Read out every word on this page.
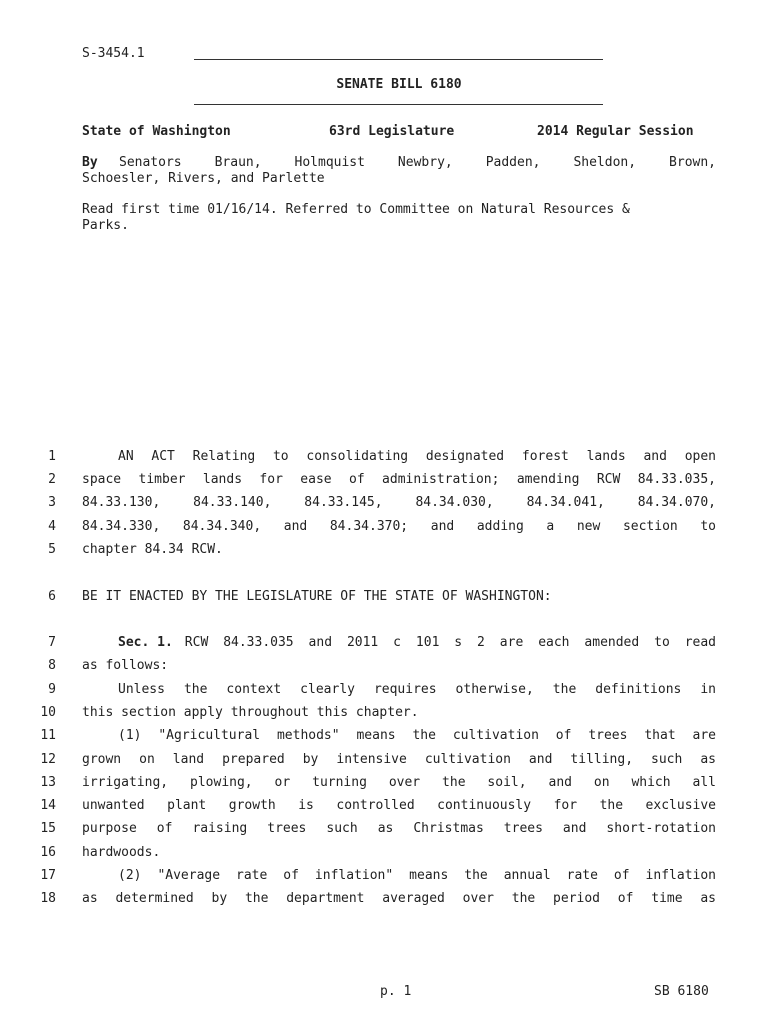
S-3454.1
SENATE BILL 6180
State of Washington	63rd Legislature	2014 Regular Session
By	Senators Braun, Holmquist Newbry, Padden, Sheldon, Brown,
Schoesler, Rivers, and Parlette
Read first time 01/16/14. Referred to Committee on Natural Resources &
Parks.
1	AN ACT Relating to consolidating designated forest lands and open
2 space timber lands for ease of administration; amending RCW 84.33.035,
3 84.33.130, 84.33.140, 84.33.145, 84.34.030, 84.34.041, 84.34.070,
4 84.34.330, 84.34.340, and 84.34.370; and adding a new section to
5 chapter 84.34 RCW.
6 BE IT ENACTED BY THE LEGISLATURE OF THE STATE OF WASHINGTON:
7	Sec. 1. RCW 84.33.035 and 2011 c 101 s 2 are each amended to read
8 as follows:
9	Unless the context clearly requires otherwise, the definitions in
10 this section apply throughout this chapter.
11	(1) "Agricultural methods" means the cultivation of trees that are
12 grown on land prepared by intensive cultivation and tilling, such as
13 irrigating, plowing, or turning over the soil, and on which all
14 unwanted plant growth is controlled continuously for the exclusive
15 purpose of raising trees such as Christmas trees and short-rotation
16 hardwoods.
17	(2) "Average rate of inflation" means the annual rate of inflation
18 as determined by the department averaged over the period of time as
p. 1	SB 6180
